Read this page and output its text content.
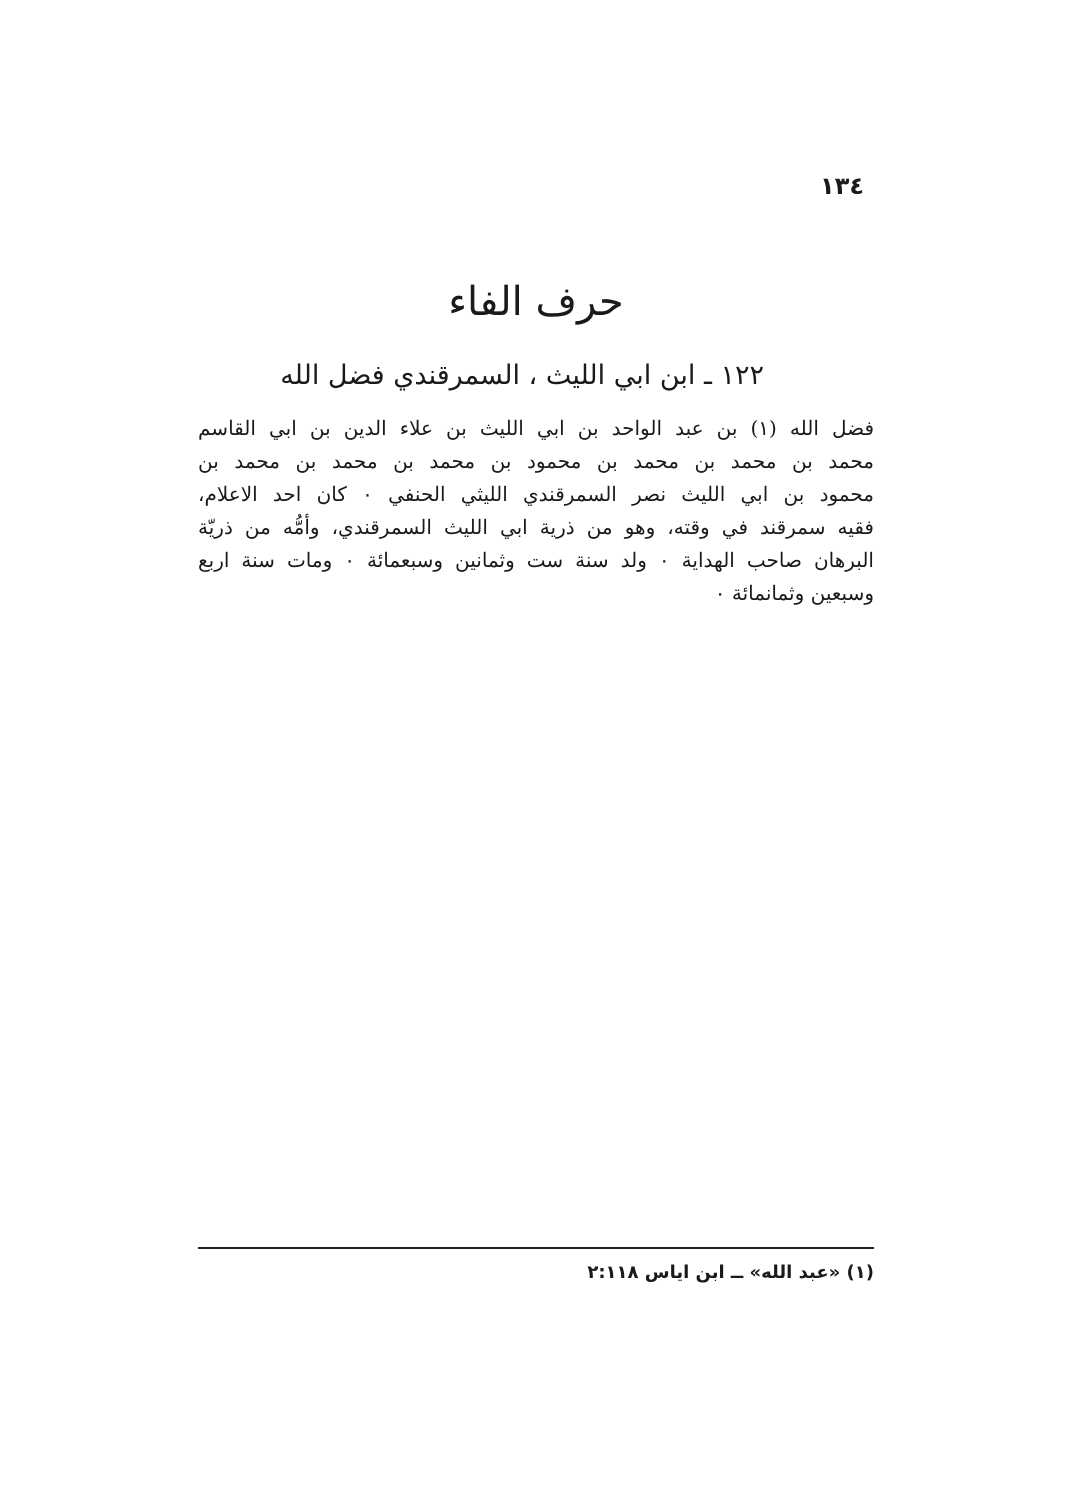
١٣٤
حرف الفاء
١٢٢ ـ ابن ابي الليث ، السمرقندي فضل الله
فضل الله (١) بن عبد الواحد بن ابي الليث بن علاء الدين بن ابي القاسم
محمد بن محمد بن محمد بن محمود بن محمد بن محمد بن محمد بن
محمود بن ابي الليث نصر السمرقندي الليثي الحنفي ٠ كان احد الاعلام،
فقيه سمرقند في وقته، وهو من ذرية ابي الليث السمرقندي، وأمُّه من ذريّة
البرهان صاحب الهداية ٠ ولد سنة ست وثمانين وسبعمائة ٠ ومات سنة اربع
وسبعين وثمانمائة ٠
(١) «عبد الله» ــ ابن اياس ٢:١١٨
